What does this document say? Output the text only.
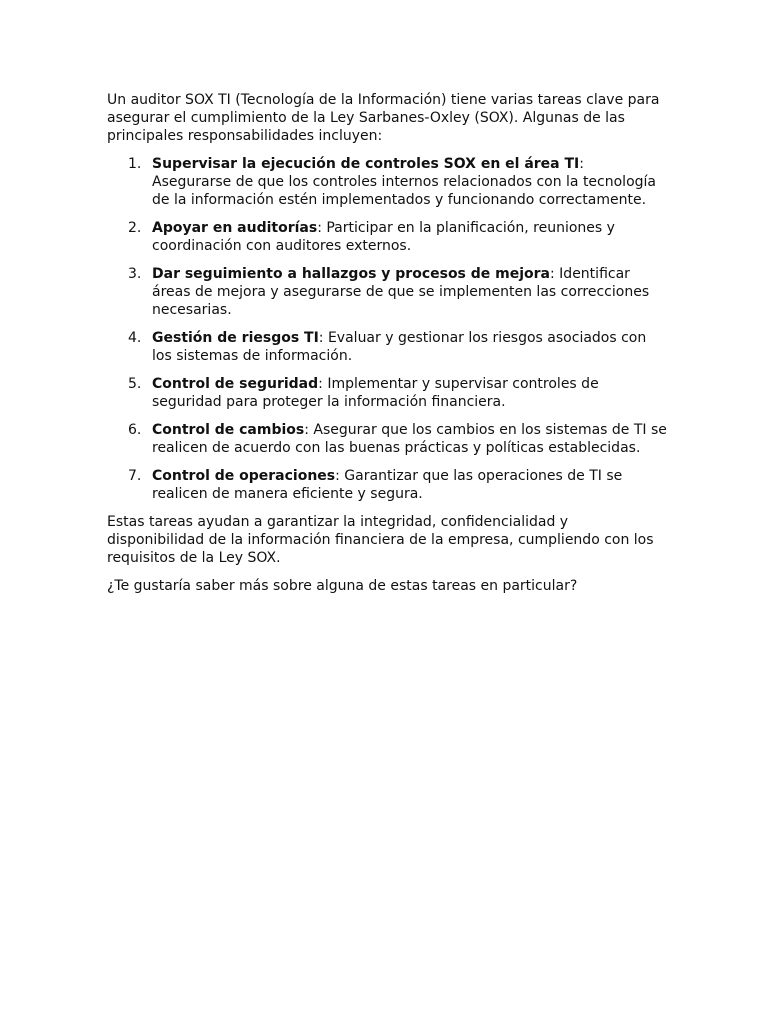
Un auditor SOX TI (Tecnología de la Información) tiene varias tareas clave para asegurar el cumplimiento de la Ley Sarbanes-Oxley (SOX). Algunas de las principales responsabilidades incluyen:

1. Supervisar la ejecución de controles SOX en el área TI: Asegurarse de que los controles internos relacionados con la tecnología de la información estén implementados y funcionando correctamente.
2. Apoyar en auditorías: Participar en la planificación, reuniones y coordinación con auditores externos.
3. Dar seguimiento a hallazgos y procesos de mejora: Identificar áreas de mejora y asegurarse de que se implementen las correcciones necesarias.
4. Gestión de riesgos TI: Evaluar y gestionar los riesgos asociados con los sistemas de información.
5. Control de seguridad: Implementar y supervisar controles de seguridad para proteger la información financiera.
6. Control de cambios: Asegurar que los cambios en los sistemas de TI se realicen de acuerdo con las buenas prácticas y políticas establecidas.
7. Control de operaciones: Garantizar que las operaciones de TI se realicen de manera eficiente y segura.

Estas tareas ayudan a garantizar la integridad, confidencialidad y disponibilidad de la información financiera de la empresa, cumpliendo con los requisitos de la Ley SOX.

¿Te gustaría saber más sobre alguna de estas tareas en particular?
